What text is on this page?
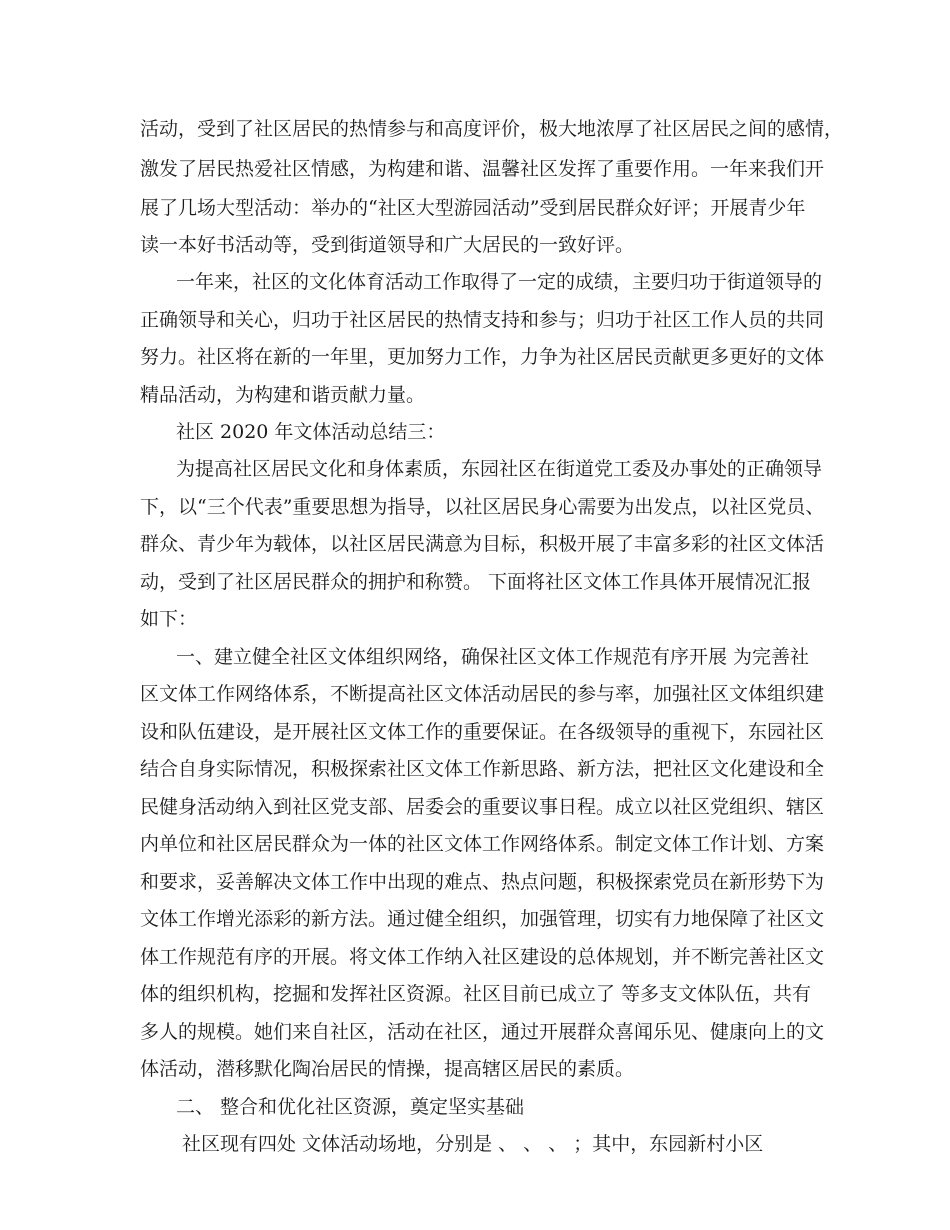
活动，受到了社区居民的热情参与和高度评价，极大地浓厚了社区居民之间的感情，

激发了居民热爱社区情感，为构建和谐、温馨社区发挥了重要作用。一年来我们开

展了几场大型活动：举办的“社区大型游园活动”受到居民群众好评；开展青少年

读一本好书活动等，受到街道领导和广大居民的一致好评。

一年来，社区的文化体育活动工作取得了一定的成绩，主要归功于街道领导的

正确领导和关心，归功于社区居民的热情支持和参与；归功于社区工作人员的共同

努力。社区将在新的一年里，更加努力工作，力争为社区居民贡献更多更好的文体

精品活动，为构建和谐贡献力量。

社区 2020 年文体活动总结三：

为提高社区居民文化和身体素质，东园社区在街道党工委及办事处的正确领导

下，以“三个代表”重要思想为指导，以社区居民身心需要为出发点，以社区党员、

群众、青少年为载体，以社区居民满意为目标，积极开展了丰富多彩的社区文体活

动，受到了社区居民群众的拥护和称赞。 下面将社区文体工作具体开展情况汇报

如下：

一、建立健全社区文体组织网络，确保社区文体工作规范有序开展 为完善社

区文体工作网络体系，不断提高社区文体活动居民的参与率，加强社区文体组织建

设和队伍建设，是开展社区文体工作的重要保证。在各级领导的重视下，东园社区

结合自身实际情况，积极探索社区文体工作新思路、新方法，把社区文化建设和全

民健身活动纳入到社区党支部、居委会的重要议事日程。成立以社区党组织、辖区

内单位和社区居民群众为一体的社区文体工作网络体系。制定文体工作计划、方案

和要求，妥善解决文体工作中出现的难点、热点问题，积极探索党员在新形势下为

文体工作增光添彩的新方法。通过健全组织，加强管理，切实有力地保障了社区文

体工作规范有序的开展。将文体工作纳入社区建设的总体规划，并不断完善社区文

体的组织机构，挖掘和发挥社区资源。社区目前已成立了 等多支文体队伍，共有

多人的规模。她们来自社区，活动在社区，通过开展群众喜闻乐见、健康向上的文

体活动，潜移默化陶冶居民的情操，提高辖区居民的素质。

二、 整合和优化社区资源，奠定坚实基础

社区现有四处 文体活动场地，分别是 、 、 、 ；其中，东园新村小区
